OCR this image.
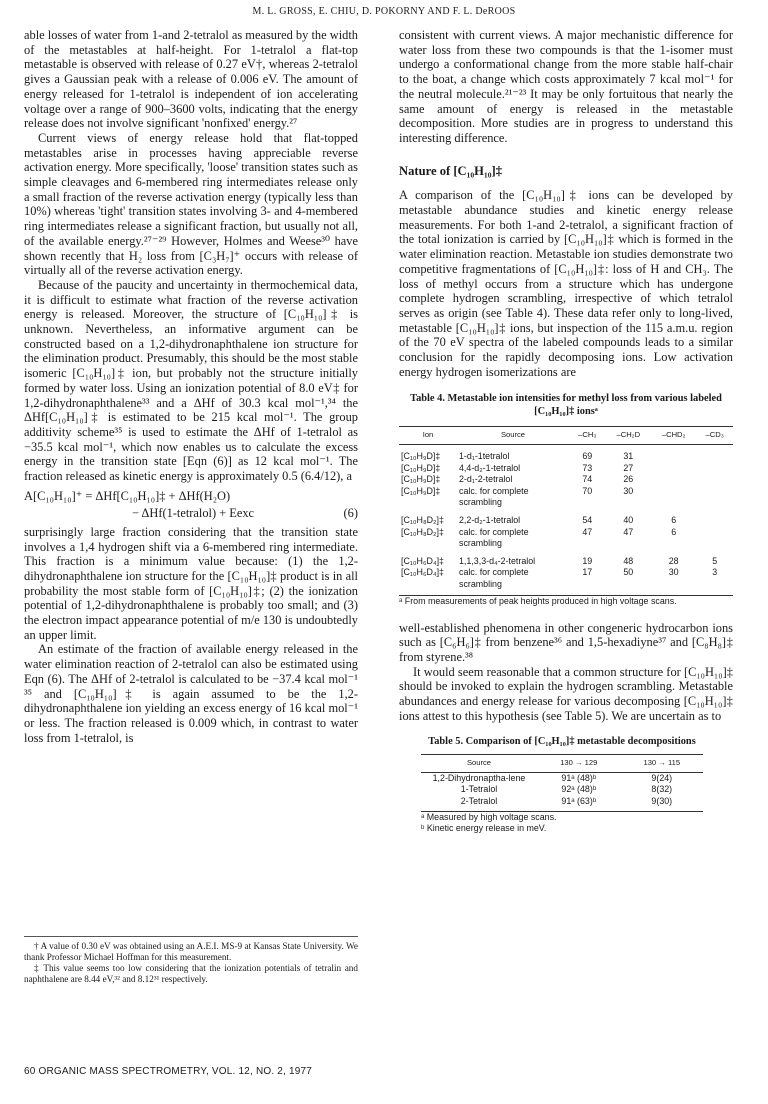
M. L. GROSS, E. CHIU, D. POKORNY AND F. L. DeROOS

able losses of water from 1-and 2-tetralol as measured by the width of the metastables at half-height. For 1-tetralol a flat-top metastable is observed with release of 0.27 eV†, whereas 2-tetralol gives a Gaussian peak with a release of 0.006 eV. The amount of energy released for 1-tetralol is independent of ion accelerating voltage over a range of 900–3600 volts, indicating that the energy release does not involve significant 'nonfixed' energy.²⁷

Current views of energy release hold that flat-topped metastables arise in processes having appreciable reverse activation energy. More specifically, 'loose' transition states such as simple cleavages and 6-membered ring intermediates release only a small fraction of the reverse activation energy (typically less than 10%) whereas 'tight' transition states involving 3- and 4-membered ring intermediates release a significant fraction, but usually not all, of the available energy.²⁷⁻²⁹ However, Holmes and Weese³⁰ have shown recently that H₂ loss from [C₃H₇]⁺ occurs with release of virtually all of the reverse activation energy.

Because of the paucity and uncertainty in thermochemical data, it is difficult to estimate what fraction of the reverse activation energy is released. Moreover, the structure of [C₁₀H₁₀]‡ is unknown. Nevertheless, an informative argument can be constructed based on a 1,2-dihydronaphthalene ion structure for the elimination product. Presumably, this should be the most stable isomeric [C₁₀H₁₀]‡ ion, but probably not the structure initially formed by water loss. Using an ionization potential of 8.0 eV‡ for 1,2-dihydronaphthalene³³ and a ΔHf of 30.3 kcal mol⁻¹,³⁴ the ΔHf[C₁₀H₁₀]‡ is estimated to be 215 kcal mol⁻¹. The group additivity scheme³⁵ is used to estimate the ΔHf of 1-tetralol as −35.5 kcal mol⁻¹, which now enables us to calculate the excess energy in the transition state [Eqn (6)] as 12 kcal mol⁻¹. The fraction released as kinetic energy is approximately 0.5 (6.4/12), a

A[C₁₀H₁₀]⁺ = ΔHf[C₁₀H₁₀]‡ + ΔHf(H₂O)
− ΔHf(1-tetralol) + Eexc	(6)

surprisingly large fraction considering that the transition state involves a 1,4 hydrogen shift via a 6-membered ring intermediate. This fraction is a minimum value because: (1) the 1,2-dihydronaphthalene ion structure for the [C₁₀H₁₀]‡ product is in all probability the most stable form of [C₁₀H₁₀]‡; (2) the ionization potential of 1,2-dihydronaphthalene is probably too small; and (3) the electron impact appearance potential of m/e 130 is undoubtedly an upper limit.

An estimate of the fraction of available energy released in the water elimination reaction of 2-tetralol can also be estimated using Eqn (6). The ΔHf of 2-tetralol is calculated to be −37.4 kcal mol⁻¹ ³⁵ and [C₁₀H₁₀]‡ is again assumed to be the 1,2-dihydronaphthalene ion yielding an excess energy of 16 kcal mol⁻¹ or less. The fraction released is 0.009 which, in contrast to water loss from 1-tetralol, is

† A value of 0.30 eV was obtained using an A.E.I. MS-9 at Kansas State University. We thank Professor Michael Hoffman for this measurement.

‡ This value seems too low considering that the ionization potentials of tetralin and naphthalene are 8.44 eV,³² and 8.12³¹ respectively.

60 ORGANIC MASS SPECTROMETRY, VOL. 12, NO. 2, 1977

consistent with current views. A major mechanistic difference for water loss from these two compounds is that the 1-isomer must undergo a conformational change from the more stable half-chair to the boat, a change which costs approximately 7 kcal mol⁻¹ for the neutral molecule.²¹⁻²³ It may be only fortuitous that nearly the same amount of energy is released in the metastable decomposition. More studies are in progress to understand this interesting difference.

Nature of [C₁₀H₁₀]‡

A comparison of the [C₁₀H₁₀]‡ ions can be developed by metastable abundance studies and kinetic energy release measurements. For both 1-and 2-tetralol, a significant fraction of the total ionization is carried by [C₁₀H₁₀]‡ which is formed in the water elimination reaction. Metastable ion studies demonstrate two competitive fragmentations of [C₁₀H₁₀]‡: loss of H and CH₃. The loss of methyl occurs from a structure which has undergone complete hydrogen scrambling, irrespective of which tetralol serves as origin (see Table 4). These data refer only to long-lived, metastable [C₁₀H₁₀]‡ ions, but inspection of the 115 a.m.u. region of the 70 eV spectra of the labeled compounds leads to a similar conclusion for the rapidly decomposing ions. Low activation energy hydrogen isomerizations are

Table 4. Metastable ion intensities for methyl loss from various labeled [C₁₀H₁₀]‡ ionsᵃ

Ion	Source	–CH₃	–CH₂D	–CHD₂	–CD₃
[C₁₀H₉D]‡	1-d₁-1tetralol	69	31		
[C₁₀H₉D]‡	4,4-d₂-1-tetralol	73	27		
[C₁₀H₉D]‡	2-d₁-2-tetralol	74	26		
[C₁₀H₉D]‡	calc. for complete scrambling	70	30		
[C₁₀H₈D₂]‡	2,2-d₂-1-tetralol	54	40	6	
[C₁₀H₈D₂]‡	calc. for complete scrambling	47	47	6	
[C₁₀H₆D₄]‡	1,1,3,3-d₄-2-tetralol	19	48	28	5
[C₁₀H₆D₄]‡	calc. for complete scrambling	17	50	30	3

ᵃ From measurements of peak heights produced in high voltage scans.

well-established phenomena in other congeneric hydrocarbon ions such as [C₆H₆]‡ from benzene³⁶ and 1,5-hexadiyne³⁷ and [C₈H₈]‡ from styrene.³⁸

It would seem reasonable that a common structure for [C₁₀H₁₀]‡ should be invoked to explain the hydrogen scrambling. Metastable abundances and energy release for various decomposing [C₁₀H₁₀]‡ ions attest to this hypothesis (see Table 5). We are uncertain as to

Table 5. Comparison of [C₁₀H₁₀]‡ metastable decompositions

Source	130 → 129	130 → 115
1,2-Dihydronaptha-lene	91ᵃ (48)ᵇ	9(24)
1-Tetralol	92ᵃ (48)ᵇ	8(32)
2-Tetralol	91ᵃ (63)ᵇ	9(30)

ᵃ Measured by high voltage scans.

ᵇ Kinetic energy release in meV.
